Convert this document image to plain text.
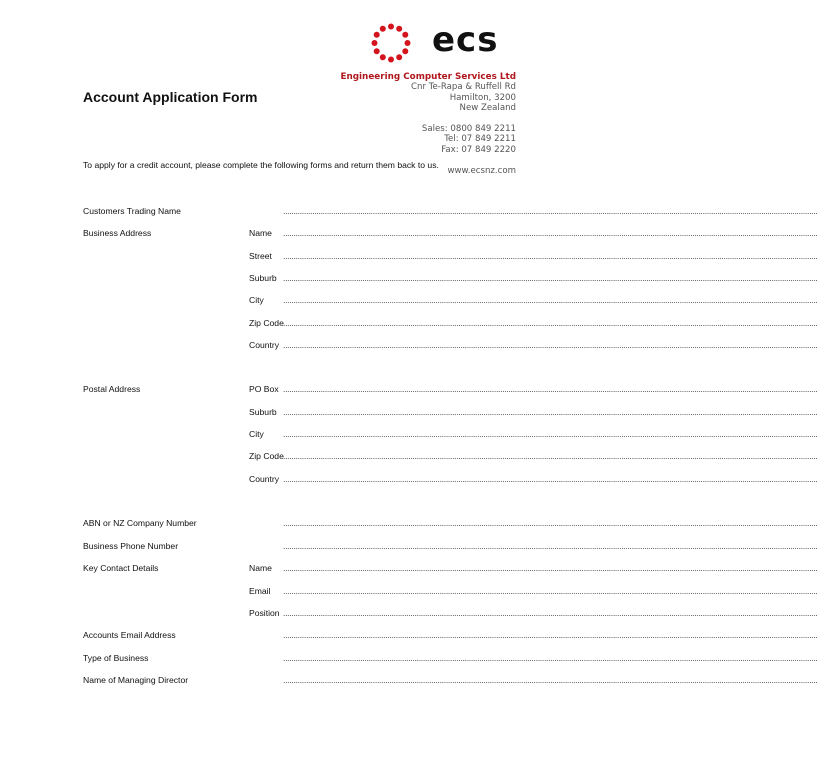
ecs
Engineering Computer Services Ltd
Cnr Te-Rapa & Ruffell Rd
Hamilton, 3200
New Zealand
Sales: 0800 849 2211
Tel: 07 849 2211
Fax: 07 849 2220
www.ecsnz.com
Account Application Form
To apply for a credit account, please complete the following forms and return them back to us.
Customers Trading Name	................................................................................................................................................................................................................................................................
Business Address	Name ................................................................................................................................................................................................................................................................
Street ................................................................................................................................................................................................................................................................
Suburb ................................................................................................................................................................................................................................................................
City ................................................................................................................................................................................................................................................................
Zip Code ................................................................................................................................................................................................................................................................
Country ................................................................................................................................................................................................................................................................
Postal Address	PO Box ................................................................................................................................................................................................................................................................
Suburb ................................................................................................................................................................................................................................................................
City ................................................................................................................................................................................................................................................................
Zip Code ................................................................................................................................................................................................................................................................
Country ................................................................................................................................................................................................................................................................
ABN or NZ Company Number	................................................................................................................................................................................................................................................................
Business Phone Number	................................................................................................................................................................................................................................................................
Key Contact Details	Name ................................................................................................................................................................................................................................................................
Email ................................................................................................................................................................................................................................................................
Position ................................................................................................................................................................................................................................................................
Accounts Email Address	................................................................................................................................................................................................................................................................
Type of Business	................................................................................................................................................................................................................................................................
Name of Managing Director	................................................................................................................................................................................................................................................................
